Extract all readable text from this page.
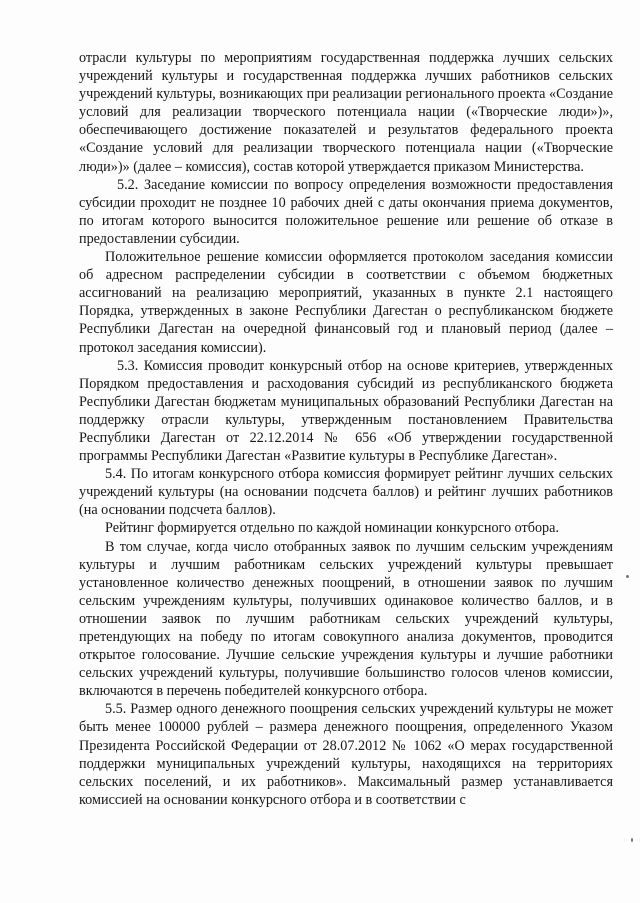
отрасли культуры по мероприятиям государственная поддержка лучших сельских учреждений культуры и государственная поддержка лучших работников сельских учреждений культуры, возникающих при реализации регионального проекта «Создание условий для реализации творческого потенциала нации («Творческие люди»)», обеспечивающего достижение показателей и результатов федерального проекта «Создание условий для реализации творческого потенциала нации («Творческие люди»)» (далее – комиссия), состав которой утверждается приказом Министерства.

5.2. Заседание комиссии по вопросу определения возможности предоставления субсидии проходит не позднее 10 рабочих дней с даты окончания приема документов, по итогам которого выносится положительное решение или решение об отказе в предоставлении субсидии.

Положительное решение комиссии оформляется протоколом заседания комиссии об адресном распределении субсидии в соответствии с объемом бюджетных ассигнований на реализацию мероприятий, указанных в пункте 2.1 настоящего Порядка, утвержденных в законе Республики Дагестан о республиканском бюджете Республики Дагестан на очередной финансовый год и плановый период (далее – протокол заседания комиссии).

5.3. Комиссия проводит конкурсный отбор на основе критериев, утвержденных Порядком предоставления и расходования субсидий из республиканского бюджета Республики Дагестан бюджетам муниципальных образований Республики Дагестан на поддержку отрасли культуры, утвержденным постановлением Правительства Республики Дагестан от 22.12.2014 № 656 «Об утверждении государственной программы Республики Дагестан «Развитие культуры в Республике Дагестан».

5.4. По итогам конкурсного отбора комиссия формирует рейтинг лучших сельских учреждений культуры (на основании подсчета баллов) и рейтинг лучших работников (на основании подсчета баллов).

Рейтинг формируется отдельно по каждой номинации конкурсного отбора.

В том случае, когда число отобранных заявок по лучшим сельским учреждениям культуры и лучшим работникам сельских учреждений культуры превышает установленное количество денежных поощрений, в отношении заявок по лучшим сельским учреждениям культуры, получивших одинаковое количество баллов, и в отношении заявок по лучшим работникам сельских учреждений культуры, претендующих на победу по итогам совокупного анализа документов, проводится открытое голосование. Лучшие сельские учреждения культуры и лучшие работники сельских учреждений культуры, получившие большинство голосов членов комиссии, включаются в перечень победителей конкурсного отбора.

5.5. Размер одного денежного поощрения сельских учреждений культуры не может быть менее 100000 рублей – размера денежного поощрения, определенного Указом Президента Российской Федерации от 28.07.2012 № 1062 «О мерах государственной поддержки муниципальных учреждений культуры, находящихся на территориях сельских поселений, и их работников». Максимальный размер устанавливается комиссией на основании конкурсного отбора и в соответствии с
